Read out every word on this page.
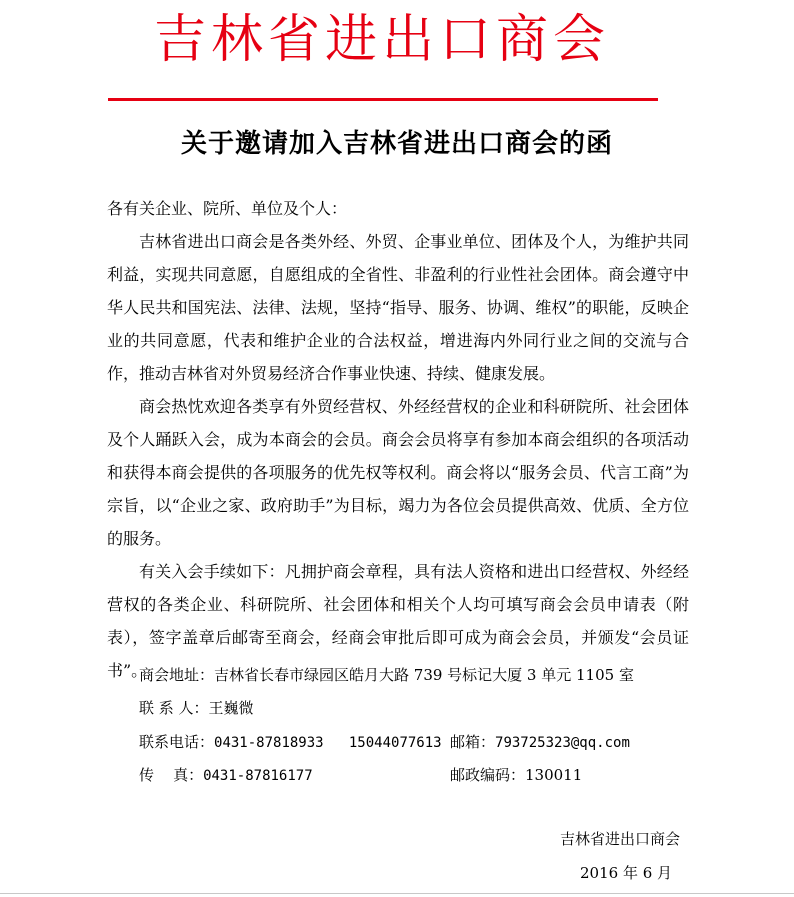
吉林省进出口商会
关于邀请加入吉林省进出口商会的函

各有关企业、院所、单位及个人：

吉林省进出口商会是各类外经、外贸、企事业单位、团体及个人，为维护共同利益，实现共同意愿，自愿组成的全省性、非盈利的行业性社会团体。商会遵守中华人民共和国宪法、法律、法规，坚持“指导、服务、协调、维权”的职能，反映企业的共同意愿，代表和维护企业的合法权益，增进海内外同行业之间的交流与合作，推动吉林省对外贸易经济合作事业快速、持续、健康发展。

商会热忱欢迎各类享有外贸经营权、外经经营权的企业和科研院所、社会团体及个人踊跃入会，成为本商会的会员。商会会员将享有参加本商会组织的各项活动和获得本商会提供的各项服务的优先权等权利。商会将以“服务会员、代言工商”为宗旨，以“企业之家、政府助手”为目标，竭力为各位会员提供高效、优质、全方位的服务。

有关入会手续如下：凡拥护商会章程，具有法人资格和进出口经营权、外经经营权的各类企业、科研院所、社会团体和相关个人均可填写商会会员申请表（附表），签字盖章后邮寄至商会，经商会审批后即可成为商会会员，并颁发“会员证书”。

商会地址：吉林省长春市绿园区皓月大路 739 号标记大厦 3 单元 1105 室
联 系 人：王巍微
联系电话：0431-87818933   15044077613 邮箱：793725323@qq.com
传    真：0431-87816177	邮政编码：130011
吉林省进出口商会
2016 年 6 月
